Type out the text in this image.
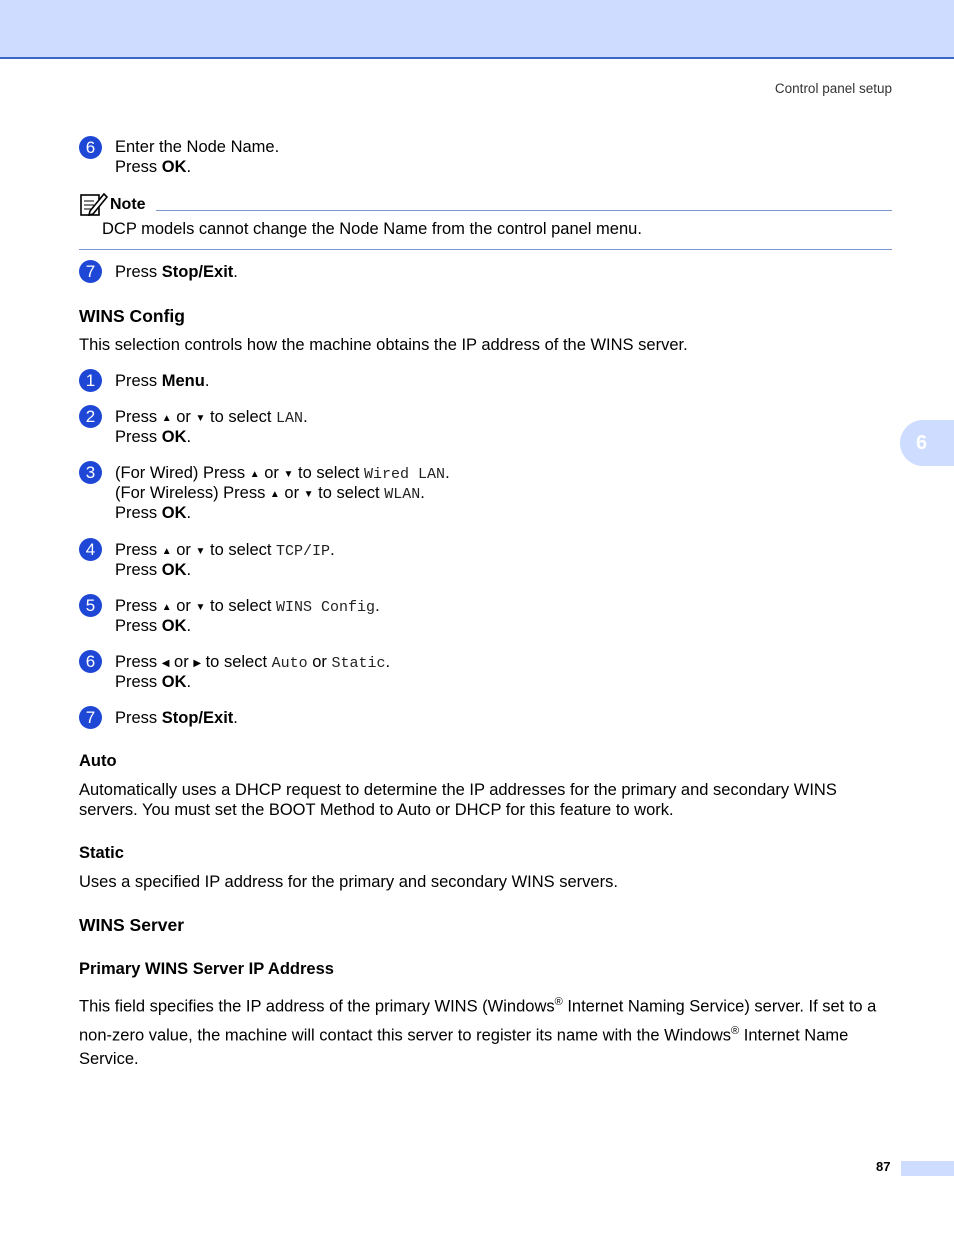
Control panel setup
6
6	Enter the Node Name.
Press OK.
Note
DCP models cannot change the Node Name from the control panel menu.
7	Press Stop/Exit.
WINS Config
This selection controls how the machine obtains the IP address of the WINS server.
1	Press Menu.
2	Press ▲ or ▼ to select LAN.
Press OK.
3	(For Wired) Press ▲ or ▼ to select Wired LAN.
(For Wireless) Press ▲ or ▼ to select WLAN.
Press OK.
4	Press ▲ or ▼ to select TCP/IP.
Press OK.
5	Press ▲ or ▼ to select WINS Config.
Press OK.
6	Press ◀ or ▶ to select Auto or Static.
Press OK.
7	Press Stop/Exit.
Auto
Automatically uses a DHCP request to determine the IP addresses for the primary and secondary WINS servers. You must set the BOOT Method to Auto or DHCP for this feature to work.
Static
Uses a specified IP address for the primary and secondary WINS servers.
WINS Server
Primary WINS Server IP Address
This field specifies the IP address of the primary WINS (Windows® Internet Naming Service) server. If set to a non-zero value, the machine will contact this server to register its name with the Windows® Internet Name Service.
87
